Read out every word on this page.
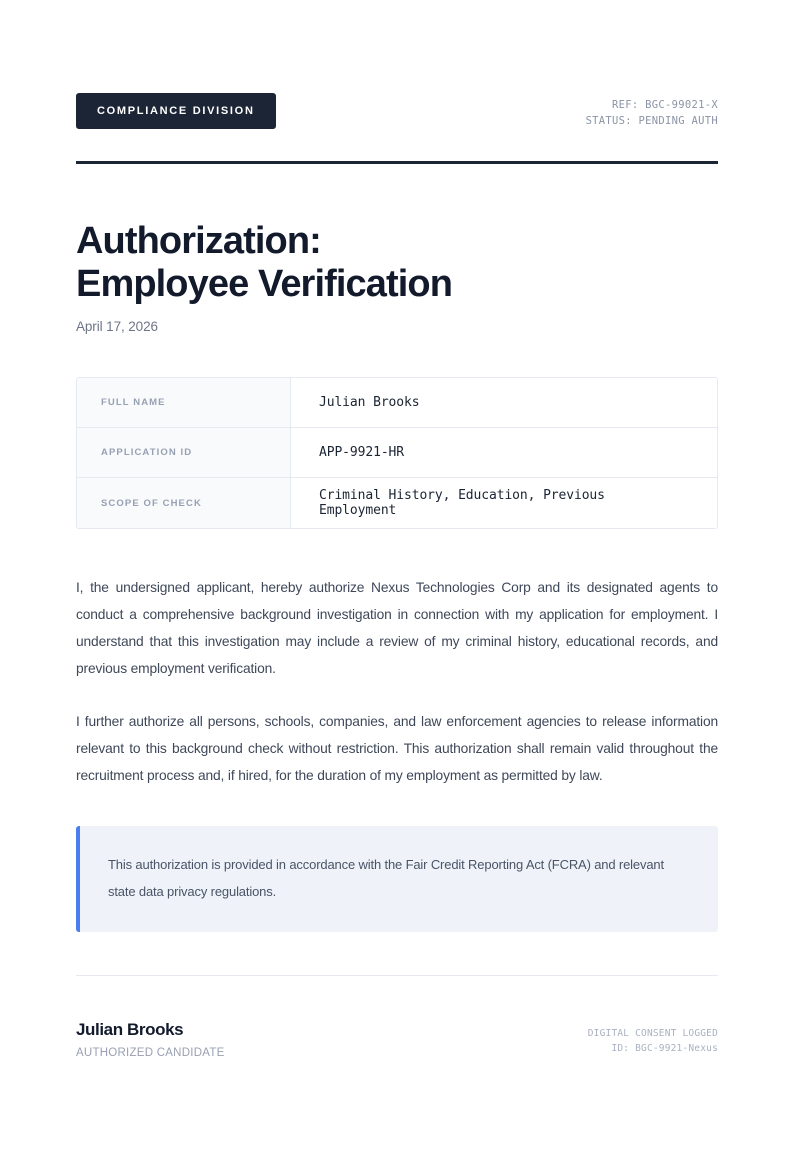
COMPLIANCE DIVISION	REF: BGC-99021-X
STATUS: PENDING AUTH
Authorization:
Employee Verification
April 17, 2026
FULL NAME	Julian Brooks
APPLICATION ID	APP-9921-HR
SCOPE OF CHECK	Criminal History, Education, Previous Employment

I, the undersigned applicant, hereby authorize Nexus Technologies Corp and its designated agents to conduct a comprehensive background investigation in connection with my application for employment. I understand that this investigation may include a review of my criminal history, educational records, and previous employment verification.

I further authorize all persons, schools, companies, and law enforcement agencies to release information relevant to this background check without restriction. This authorization shall remain valid throughout the recruitment process and, if hired, for the duration of my employment as permitted by law.

This authorization is provided in accordance with the Fair Credit Reporting Act (FCRA) and relevant state data privacy regulations.
Julian Brooks
AUTHORIZED CANDIDATE
DIGITAL CONSENT LOGGED
ID: BGC-9921-Nexus
